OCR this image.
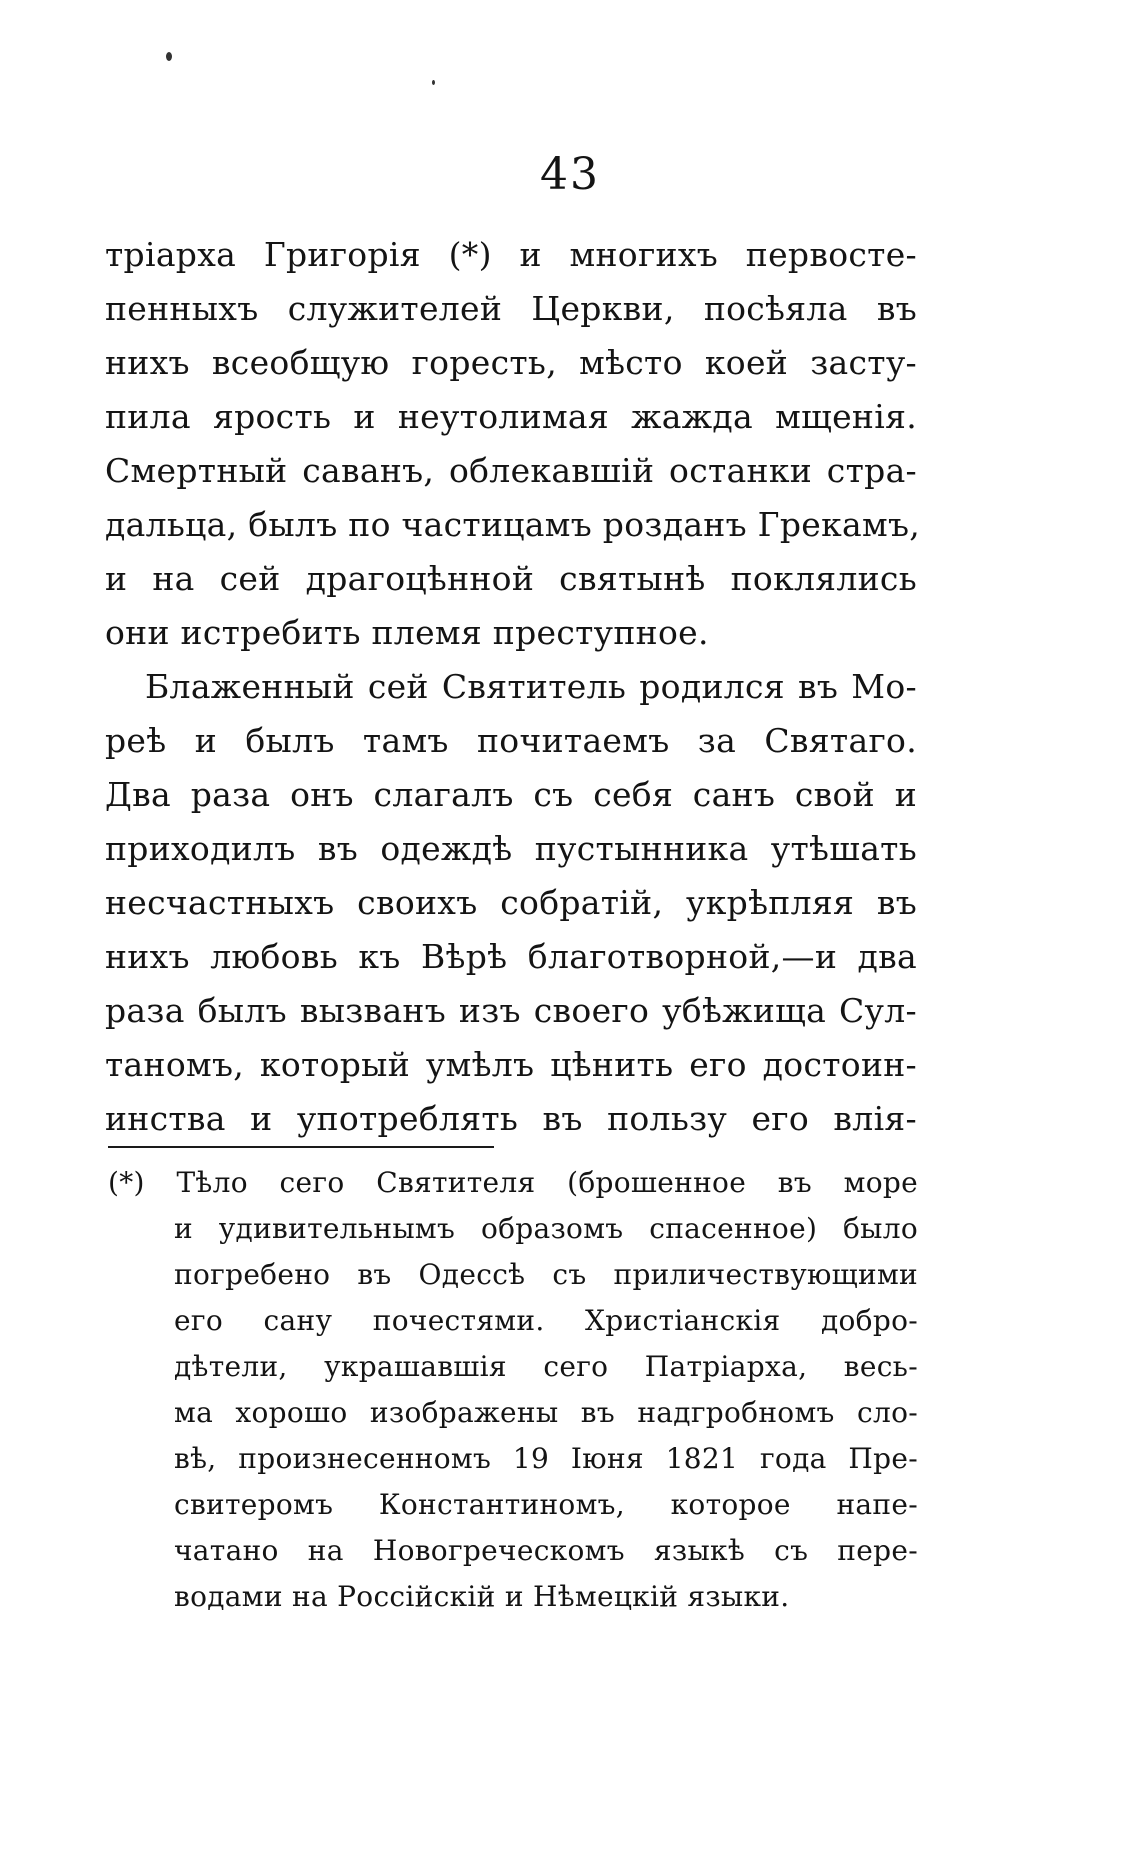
43
тріарха Григорія (*) и многихъ первосте-
пенныхъ служителей Церкви, посѣяла въ
нихъ всеобщую горесть, мѣсто коей засту-
пила ярость и неутолимая жажда мщенія.
Смертный саванъ, облекавшій останки стра-
дальца, былъ по частицамъ розданъ Грекамъ,
и на сей драгоцѣнной святынѣ поклялись
они истребить племя преступное.
Блаженный сей Святитель родился въ Мо-
реѣ и былъ тамъ почитаемъ за Святаго.
Два раза онъ слагалъ съ себя санъ свой и
приходилъ въ одеждѣ пустынника утѣшать
несчастныхъ своихъ собратій, укрѣпляя въ
нихъ любовь къ Вѣрѣ благотворной,—и два
раза былъ вызванъ изъ своего убѣжища Сул-
таномъ, который умѣлъ цѣнить его достоин-
инства и употреблять въ пользу его влія-
(*) Тѣло сего Святителя (брошенное въ море
и удивительнымъ образомъ спасенное) было
погребено въ Одессѣ съ приличествующими
его сану почестями. Христіанскія добро-
дѣтели, украшавшія сего Патріарха, весь-
ма хорошо изображены въ надгробномъ сло-
вѣ, произнесенномъ 19 Іюня 1821 года Пре-
свитеромъ Константиномъ, которое напе-
чатано на Новогреческомъ языкѣ съ пере-
водами на Россійскій и Нѣмецкій языки.
